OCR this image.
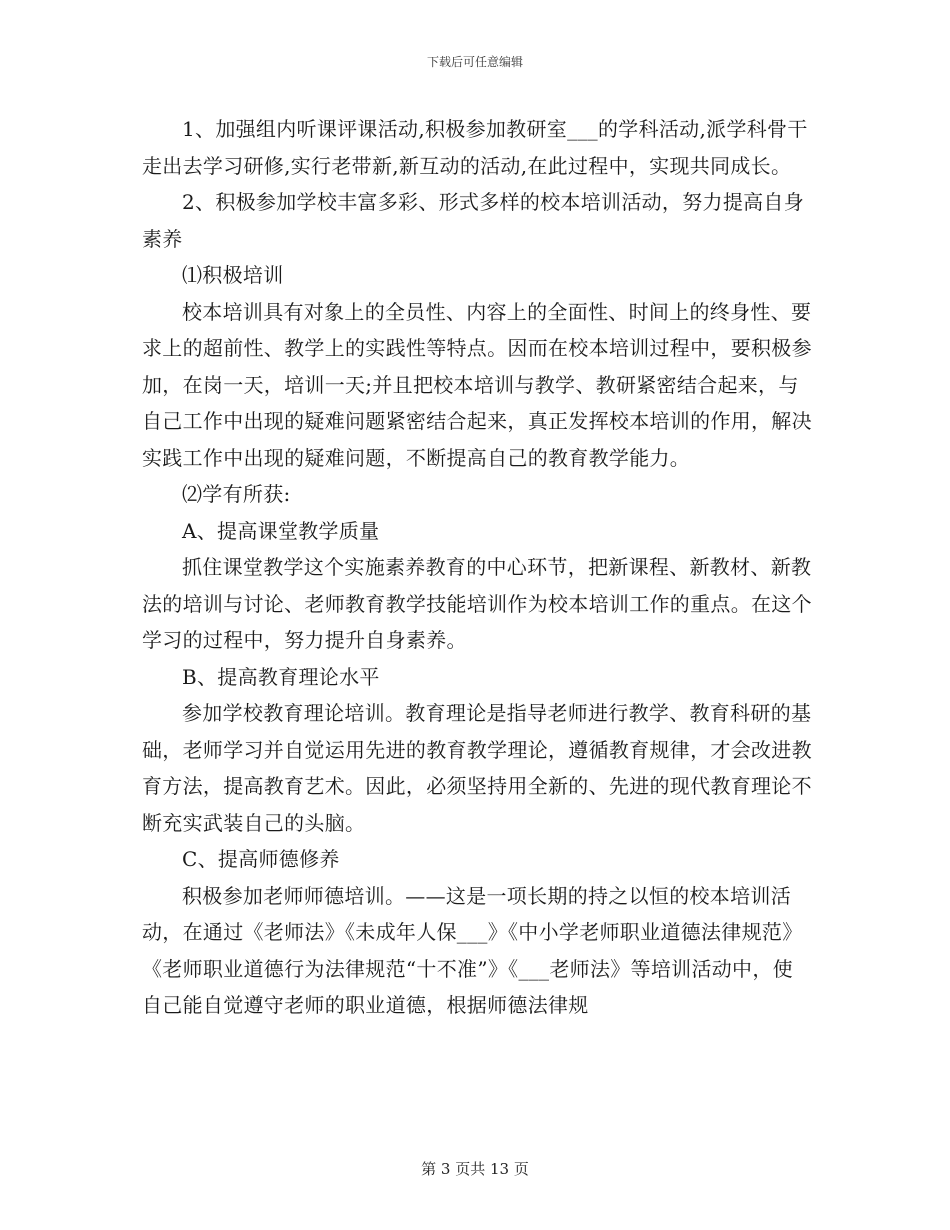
下载后可任意编辑

1、加强组内听课评课活动,积极参加教研室___的学科活动,派学科骨干走出去学习研修,实行老带新,新互动的活动,在此过程中，实现共同成长。

2、积极参加学校丰富多彩、形式多样的校本培训活动，努力提高自身素养

⑴积极培训

校本培训具有对象上的全员性、内容上的全面性、时间上的终身性、要求上的超前性、教学上的实践性等特点。因而在校本培训过程中，要积极参加，在岗一天，培训一天;并且把校本培训与教学、教研紧密结合起来，与自己工作中出现的疑难问题紧密结合起来，真正发挥校本培训的作用，解决实践工作中出现的疑难问题，不断提高自己的教育教学能力。

⑵学有所获:

A、提高课堂教学质量

抓住课堂教学这个实施素养教育的中心环节，把新课程、新教材、新教法的培训与讨论、老师教育教学技能培训作为校本培训工作的重点。在这个学习的过程中，努力提升自身素养。

B、提高教育理论水平

参加学校教育理论培训。教育理论是指导老师进行教学、教育科研的基础，老师学习并自觉运用先进的教育教学理论，遵循教育规律，才会改进教育方法，提高教育艺术。因此，必须坚持用全新的、先进的现代教育理论不断充实武装自己的头脑。

C、提高师德修养

积极参加老师师德培训。——这是一项长期的持之以恒的校本培训活动，在通过《老师法》《未成年人保___》《中小学老师职业道德法律规范》《老师职业道德行为法律规范“十不准”》《___老师法》等培训活动中，使自己能自觉遵守老师的职业道德，根据师德法律规

第 3 页共 13 页
